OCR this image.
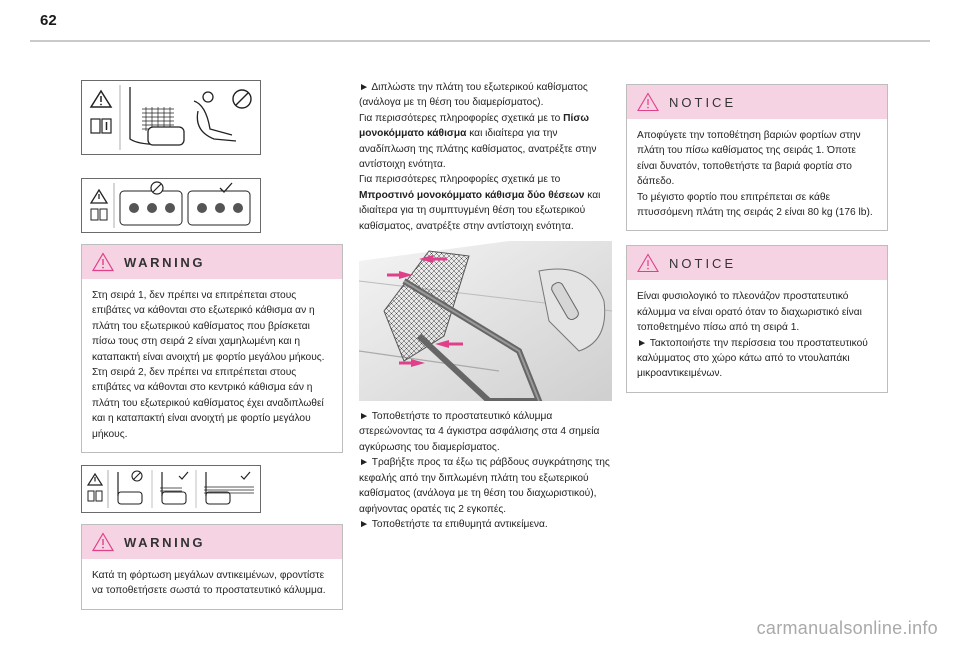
62
WARNING

Στη σειρά 1, δεν πρέπει να επιτρέπεται στους επιβάτες να κάθονται στο εξωτερικό κάθισμα αν η πλάτη του εξωτερικού καθίσματος που βρίσκεται πίσω τους στη σειρά 2 είναι χαμηλωμένη και η καταπακτή είναι ανοιχτή με φορτίο μεγάλου μήκους.

Στη σειρά 2, δεν πρέπει να επιτρέπεται στους επιβάτες να κάθονται στο κεντρικό κάθισμα εάν η πλάτη του εξωτερικού καθίσματος έχει αναδιπλωθεί και η καταπακτή είναι ανοιχτή με φορτίο μεγάλου μήκους.

WARNING

Κατά τη φόρτωση μεγάλων αντικειμένων, φροντίστε να τοποθετήσετε σωστά το προστατευτικό κάλυμμα.

► Διπλώστε την πλάτη του εξωτερικού καθίσματος (ανάλογα με τη θέση του διαμερίσματος).

Για περισσότερες πληροφορίες σχετικά με το Πίσω μονοκόμματο κάθισμα και ιδιαίτερα για την αναδίπλωση της πλάτης καθίσματος, ανατρέξτε στην αντίστοιχη ενότητα.

Για περισσότερες πληροφορίες σχετικά με το Μπροστινό μονοκόμματο κάθισμα δύο θέσεων και ιδιαίτερα για τη συμπτυγμένη θέση του εξωτερικού καθίσματος, ανατρέξτε στην αντίστοιχη ενότητα.

► Τοποθετήστε το προστατευτικό κάλυμμα στερεώνοντας τα 4 άγκιστρα ασφάλισης στα 4 σημεία αγκύρωσης του διαμερίσματος.

► Τραβήξτε προς τα έξω τις ράβδους συγκράτησης της κεφαλής από την διπλωμένη πλάτη του εξωτερικού καθίσματος (ανάλογα με τη θέση του διαχωριστικού), αφήνοντας ορατές τις 2 εγκοπές.

► Τοποθετήστε τα επιθυμητά αντικείμενα.

NOTICE

Αποφύγετε την τοποθέτηση βαριών φορτίων στην πλάτη του πίσω καθίσματος της σειράς 1. Όποτε είναι δυνατόν, τοποθετήστε τα βαριά φορτία στο δάπεδο.

Το μέγιστο φορτίο που επιτρέπεται σε κάθε πτυσσόμενη πλάτη της σειράς 2 είναι 80 kg (176 lb).

NOTICE

Είναι φυσιολογικό το πλεονάζον προστατευτικό κάλυμμα να είναι ορατό όταν το διαχωριστικό είναι τοποθετημένο πίσω από τη σειρά 1.

► Τακτοποιήστε την περίσσεια του προστατευτικού καλύμματος στο χώρο κάτω από το ντουλαπάκι μικροαντικειμένων.

carmanualsonline.info
